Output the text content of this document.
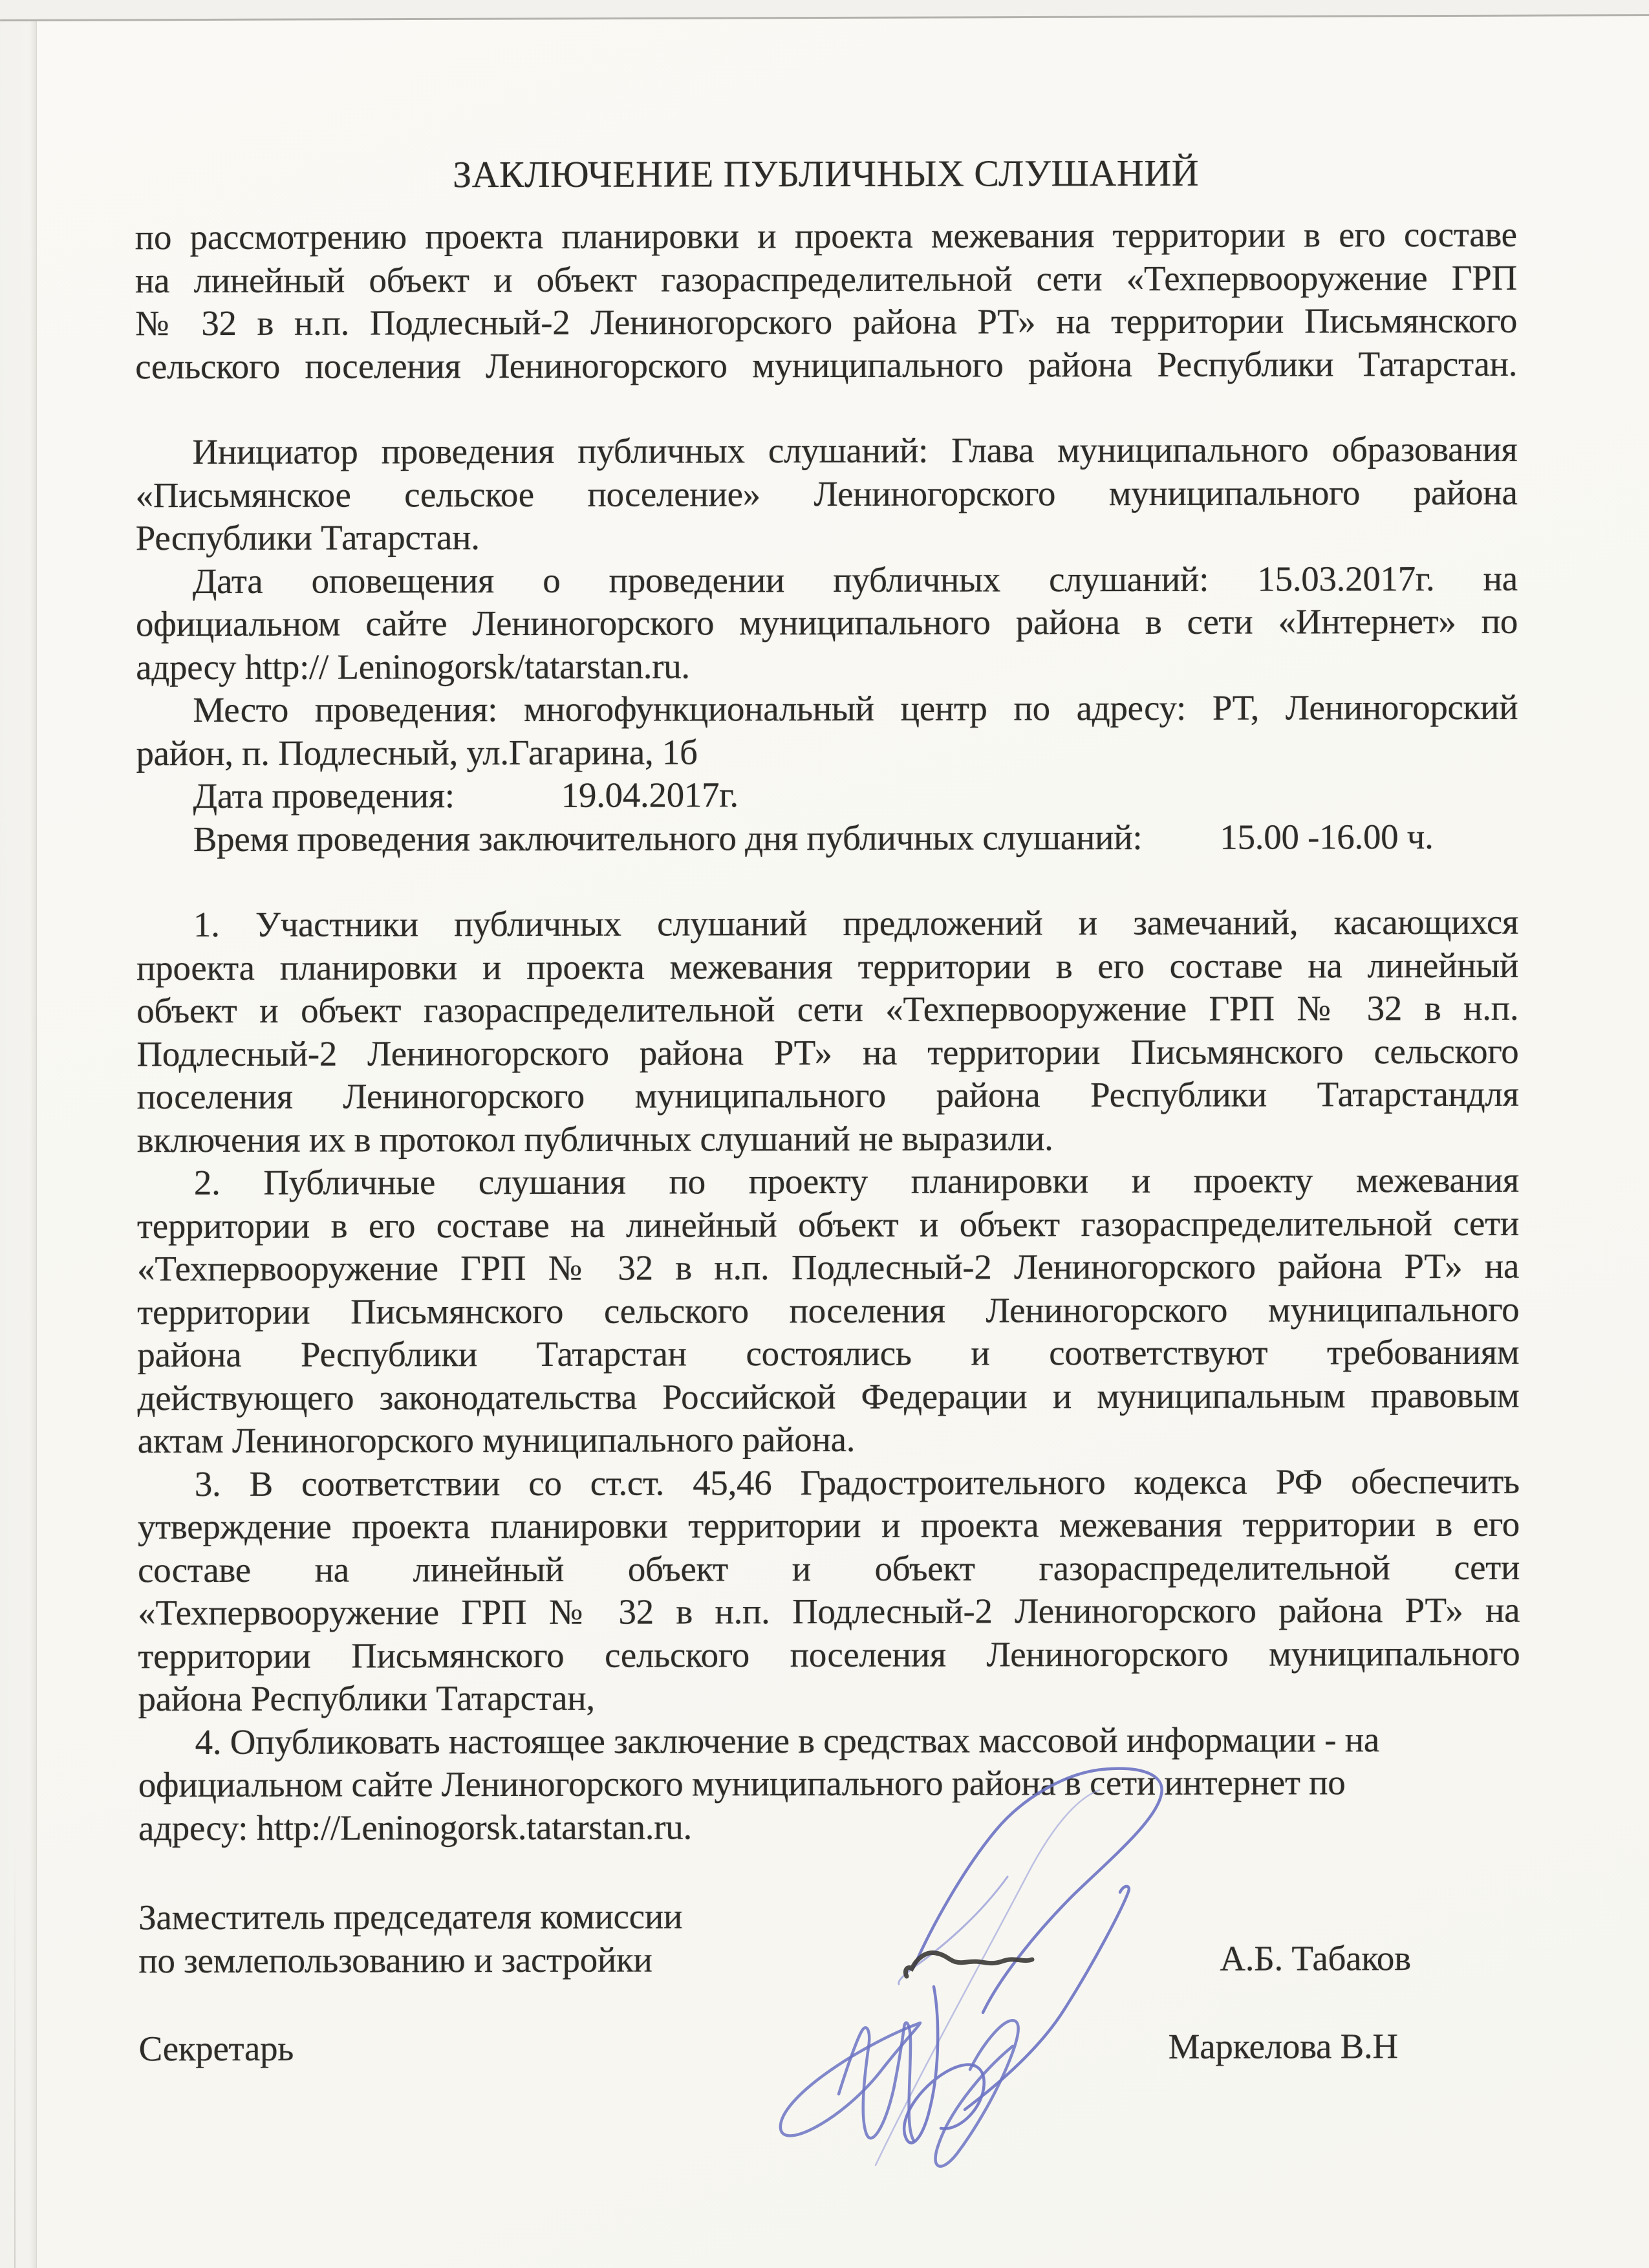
ЗАКЛЮЧЕНИЕ ПУБЛИЧНЫХ СЛУШАНИЙ
по рассмотрению проекта планировки и проекта межевания территории в его составе
на линейный объект и объект газораспределительной сети «Техпервооружение ГРП
№ 32 в н.п. Подлесный-2 Лениногорского района РТ» на территории Письмянского
сельского поселения Лениногорского муниципального района Республики Татарстан.
Инициатор проведения публичных слушаний: Глава муниципального образования
«Письмянское сельское поселение» Лениногорского муниципального района
Республики Татарстан.
Дата оповещения о проведении публичных слушаний: 15.03.2017г. на
официальном сайте Лениногорского муниципального района в сети «Интернет» по
адресу http:// Leninogorsk/tatarstan.ru.
Место проведения: многофункциональный центр по адресу: РТ, Лениногорский
район, п. Подлесный, ул.Гагарина, 1б
Дата проведения:	19.04.2017г.
Время проведения заключительного дня публичных слушаний: 15.00 -16.00 ч.
1. Участники публичных слушаний предложений и замечаний, касающихся
проекта планировки и проекта межевания территории в его составе на линейный
объект и объект газораспределительной сети «Техпервооружение ГРП № 32 в н.п.
Подлесный-2 Лениногорского района РТ» на территории Письмянского сельского
поселения Лениногорского муниципального района Республики Татарстандля
включения их в протокол публичных слушаний не выразили.
2. Публичные слушания по проекту планировки и проекту межевания
территории в его составе на линейный объект и объект газораспределительной сети
«Техпервооружение ГРП № 32 в н.п. Подлесный-2 Лениногорского района РТ» на
территории Письмянского сельского поселения Лениногорского муниципального
района Республики Татарстан состоялись и соответствуют требованиям
действующего законодательства Российской Федерации и муниципальным правовым
актам Лениногорского муниципального района.
3. В соответствии со ст.ст. 45,46 Градостроительного кодекса РФ обеспечить
утверждение проекта планировки территории и проекта межевания территории в его
составе на линейный объект и объект газораспределительной сети
«Техпервооружение ГРП № 32 в н.п. Подлесный-2 Лениногорского района РТ» на
территории Письмянского сельского поселения Лениногорского муниципального
района Республики Татарстан,
4. Опубликовать настоящее заключение в средствах массовой информации - на
официальном сайте Лениногорского муниципального района в сети интернет по
адресу: http://Leninogorsk.tatarstan.ru.
Заместитель председателя комиссии
по землепользованию и застройки	А.Б. Табаков
Секретарь	Маркелова В.Н
